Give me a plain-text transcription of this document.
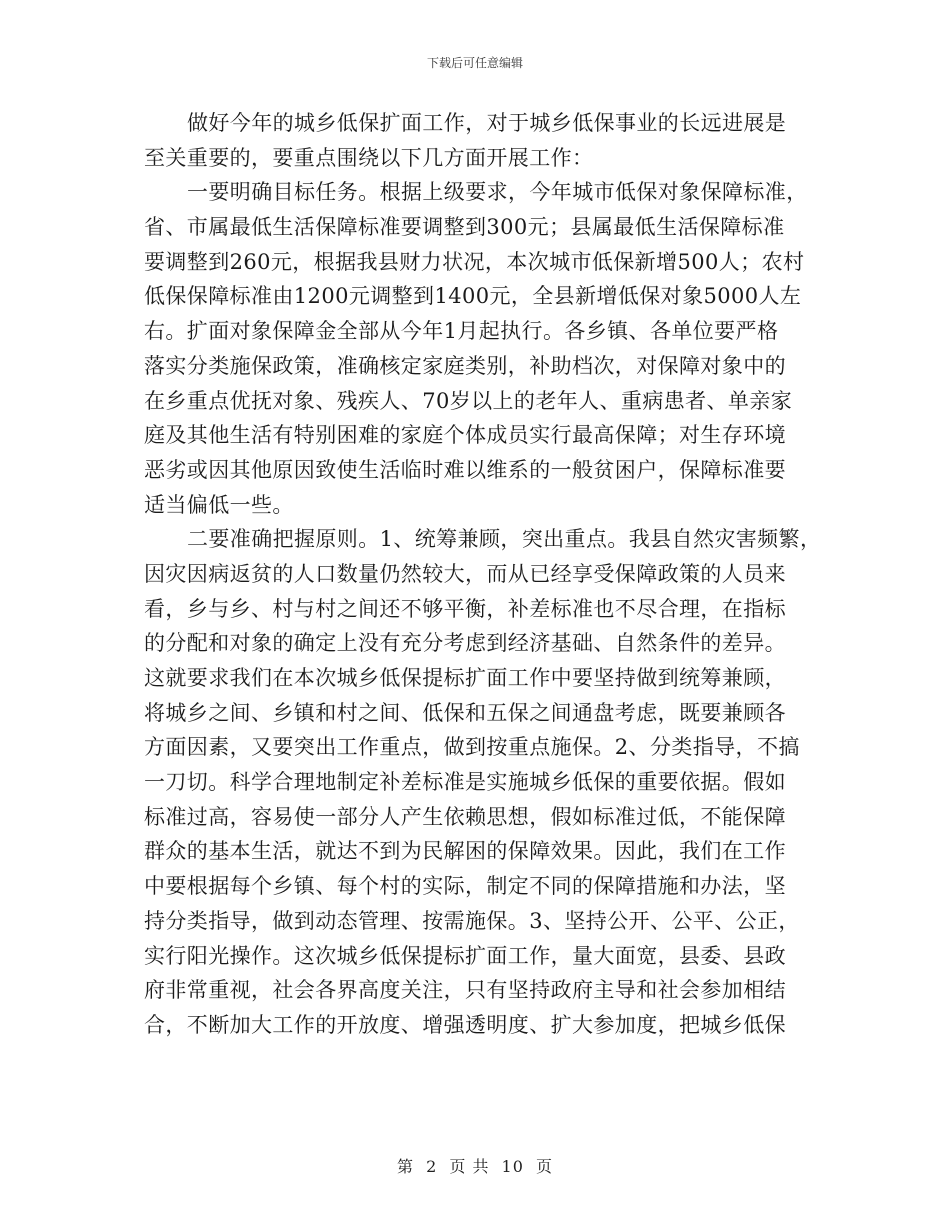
下载后可任意编辑
做好今年的城乡低保扩面工作，对于城乡低保事业的长远进展是
至关重要的，要重点围绕以下几方面开展工作：
一要明确目标任务。根据上级要求，今年城市低保对象保障标准，
省、市属最低生活保障标准要调整到300元；县属最低生活保障标准
要调整到260元，根据我县财力状况，本次城市低保新增500人；农村
低保保障标准由1200元调整到1400元，全县新增低保对象5000人左
右。扩面对象保障金全部从今年1月起执行。各乡镇、各单位要严格
落实分类施保政策，准确核定家庭类别，补助档次，对保障对象中的
在乡重点优抚对象、残疾人、70岁以上的老年人、重病患者、单亲家
庭及其他生活有特别困难的家庭个体成员实行最高保障；对生存环境
恶劣或因其他原因致使生活临时难以维系的一般贫困户，保障标准要
适当偏低一些。
二要准确把握原则。1、统筹兼顾，突出重点。我县自然灾害频繁，
因灾因病返贫的人口数量仍然较大，而从已经享受保障政策的人员来
看，乡与乡、村与村之间还不够平衡，补差标准也不尽合理，在指标
的分配和对象的确定上没有充分考虑到经济基础、自然条件的差异。
这就要求我们在本次城乡低保提标扩面工作中要坚持做到统筹兼顾，
将城乡之间、乡镇和村之间、低保和五保之间通盘考虑，既要兼顾各
方面因素，又要突出工作重点，做到按重点施保。2、分类指导，不搞
一刀切。科学合理地制定补差标准是实施城乡低保的重要依据。假如
标准过高，容易使一部分人产生依赖思想，假如标准过低，不能保障
群众的基本生活，就达不到为民解困的保障效果。因此，我们在工作
中要根据每个乡镇、每个村的实际，制定不同的保障措施和办法，坚
持分类指导，做到动态管理、按需施保。3、坚持公开、公平、公正，
实行阳光操作。这次城乡低保提标扩面工作，量大面宽，县委、县政
府非常重视，社会各界高度关注，只有坚持政府主导和社会参加相结
合，不断加大工作的开放度、增强透明度、扩大参加度，把城乡低保
第 2 页 共 10 页
